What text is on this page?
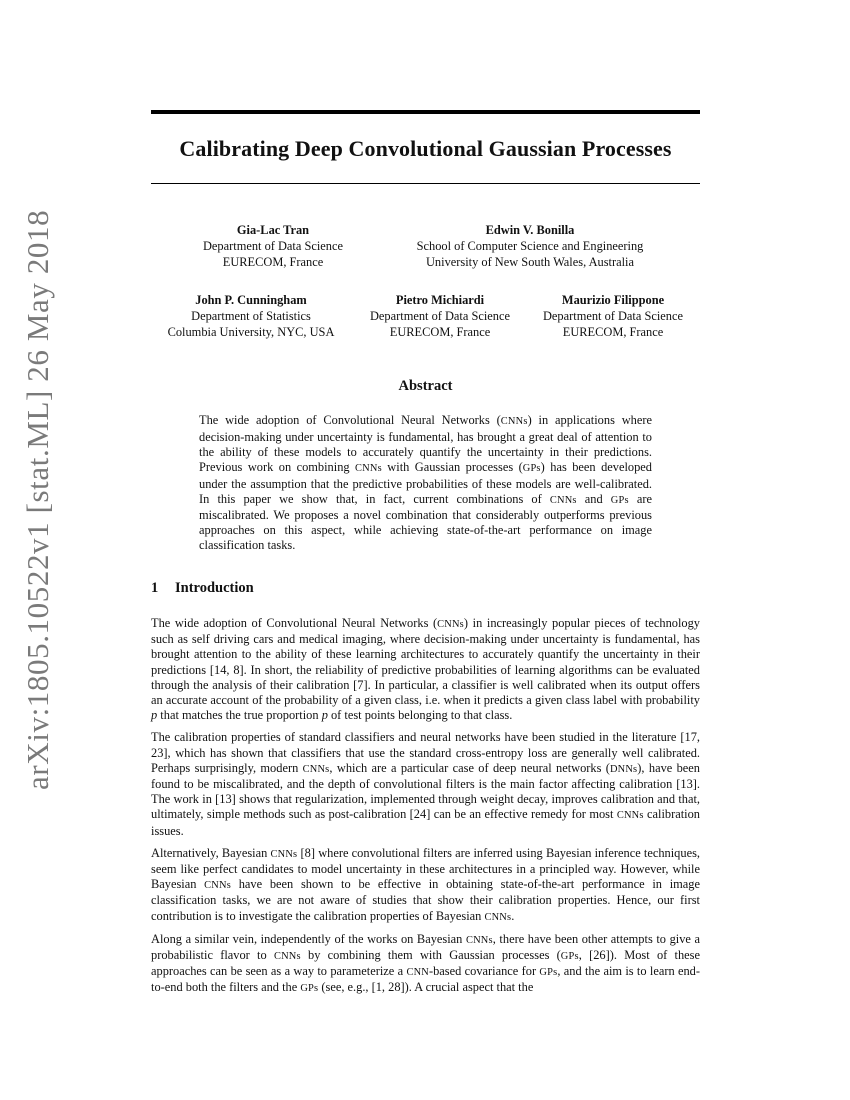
arXiv:1805.10522v1 [stat.ML] 26 May 2018
Calibrating Deep Convolutional Gaussian Processes
Gia-Lac Tran
Department of Data Science
EURECOM, France
Edwin V. Bonilla
School of Computer Science and Engineering
University of New South Wales, Australia
John P. Cunningham
Department of Statistics
Columbia University, NYC, USA
Pietro Michiardi
Department of Data Science
EURECOM, France
Maurizio Filippone
Department of Data Science
EURECOM, France
Abstract
The wide adoption of Convolutional Neural Networks (CNNs) in applications where decision-making under uncertainty is fundamental, has brought a great deal of attention to the ability of these models to accurately quantify the uncertainty in their predictions. Previous work on combining CNNs with Gaussian processes (GPs) has been developed under the assumption that the predictive probabilities of these models are well-calibrated. In this paper we show that, in fact, current combinations of CNNs and GPs are miscalibrated. We proposes a novel combination that considerably outperforms previous approaches on this aspect, while achieving state-of-the-art performance on image classification tasks.
1 Introduction

The wide adoption of Convolutional Neural Networks (CNNs) in increasingly popular pieces of technology such as self driving cars and medical imaging, where decision-making under uncertainty is fundamental, has brought attention to the ability of these learning architectures to accurately quantify the uncertainty in their predictions [14, 8]. In short, the reliability of predictive probabilities of learning algorithms can be evaluated through the analysis of their calibration [7]. In particular, a classifier is well calibrated when its output offers an accurate account of the probability of a given class, i.e. when it predicts a given class label with probability p that matches the true proportion p of test points belonging to that class.

The calibration properties of standard classifiers and neural networks have been studied in the literature [17, 23], which has shown that classifiers that use the standard cross-entropy loss are generally well calibrated. Perhaps surprisingly, modern CNNs, which are a particular case of deep neural networks (DNNs), have been found to be miscalibrated, and the depth of convolutional filters is the main factor affecting calibration [13]. The work in [13] shows that regularization, implemented through weight decay, improves calibration and that, ultimately, simple methods such as post-calibration [24] can be an effective remedy for most CNNs calibration issues.

Alternatively, Bayesian CNNs [8] where convolutional filters are inferred using Bayesian inference techniques, seem like perfect candidates to model uncertainty in these architectures in a principled way. However, while Bayesian CNNs have been shown to be effective in obtaining state-of-the-art performance in image classification tasks, we are not aware of studies that show their calibration properties. Hence, our first contribution is to investigate the calibration properties of Bayesian CNNs.

Along a similar vein, independently of the works on Bayesian CNNs, there have been other attempts to give a probabilistic flavor to CNNs by combining them with Gaussian processes (GPs, [26]). Most of these approaches can be seen as a way to parameterize a CNN-based covariance for GPs, and the aim is to learn end-to-end both the filters and the GPs (see, e.g., [1, 28]). A crucial aspect that the
